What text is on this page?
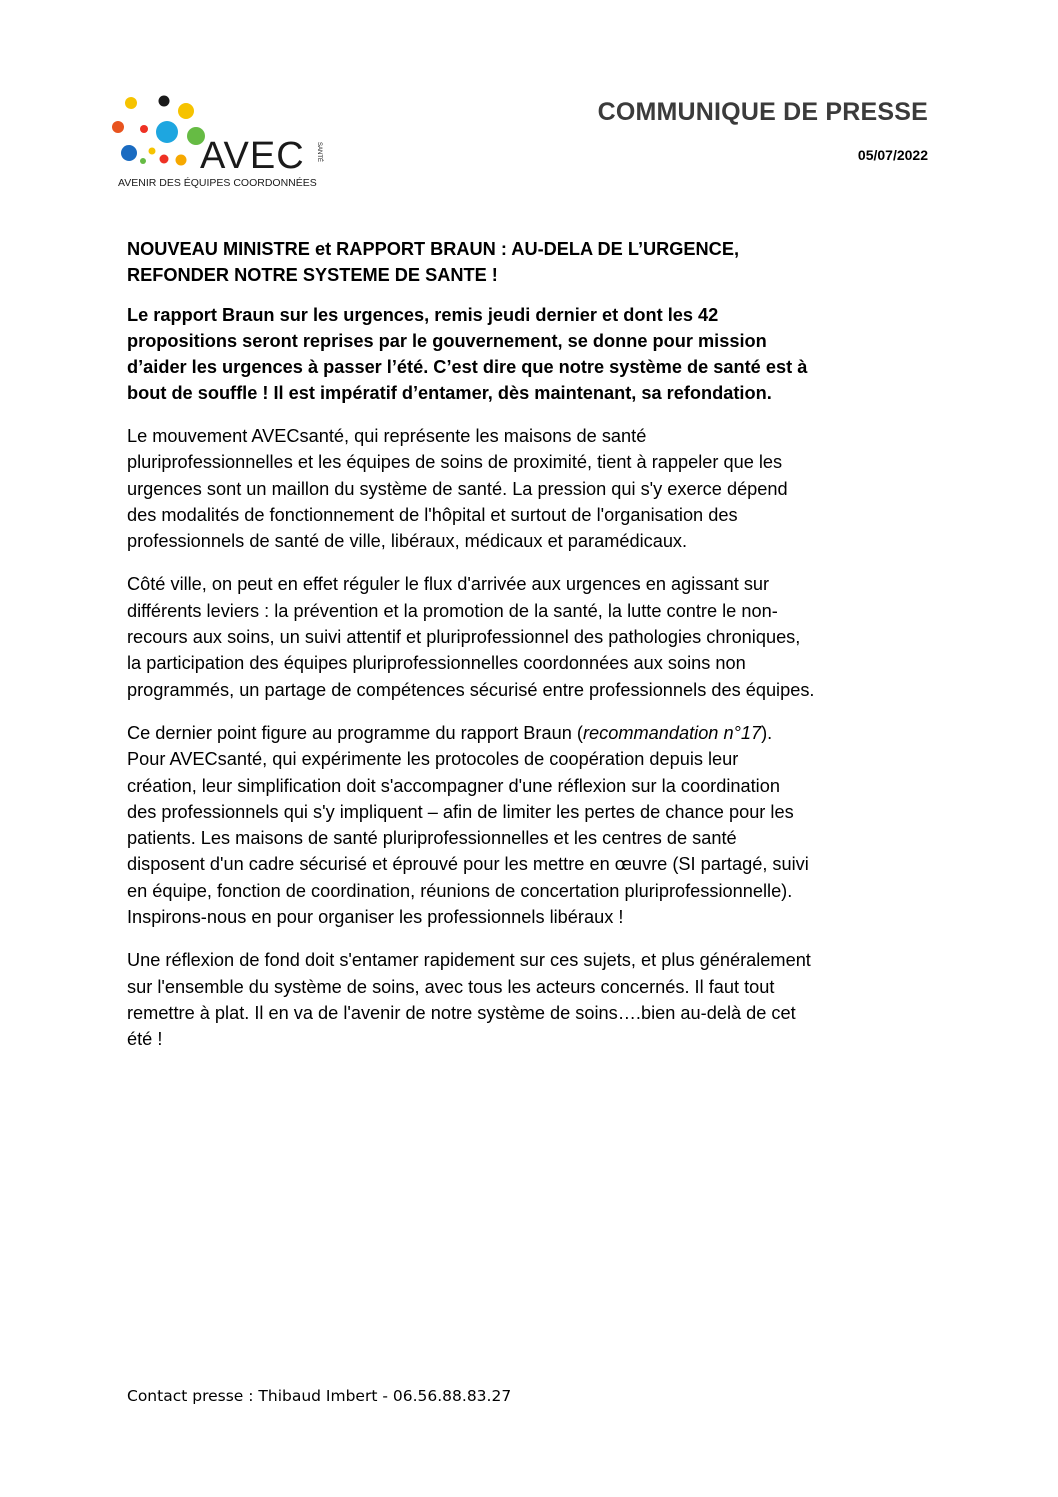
AVEC SANTÉ
AVENIR DES ÉQUIPES COORDONNÉES
COMMUNIQUE DE PRESSE
05/07/2022
NOUVEAU MINISTRE et RAPPORT BRAUN : AU-DELA DE L’URGENCE,
REFONDER NOTRE SYSTEME DE SANTE !
Le rapport Braun sur les urgences, remis jeudi dernier et dont les 42
propositions seront reprises par le gouvernement, se donne pour mission
d’aider les urgences à passer l’été. C’est dire que notre système de santé est à
bout de souffle ! Il est impératif d’entamer, dès maintenant, sa refondation.
Le mouvement AVECsanté, qui représente les maisons de santé
pluriprofessionnelles et les équipes de soins de proximité, tient à rappeler que les
urgences sont un maillon du système de santé. La pression qui s'y exerce dépend
des modalités de fonctionnement de l'hôpital et surtout de l'organisation des
professionnels de santé de ville, libéraux, médicaux et paramédicaux.
Côté ville, on peut en effet réguler le flux d'arrivée aux urgences en agissant sur
différents leviers : la prévention et la promotion de la santé, la lutte contre le non-
recours aux soins, un suivi attentif et pluriprofessionnel des pathologies chroniques,
la participation des équipes pluriprofessionnelles coordonnées aux soins non
programmés, un partage de compétences sécurisé entre professionnels des équipes.
Ce dernier point figure au programme du rapport Braun (recommandation n°17).
Pour AVECsanté, qui expérimente les protocoles de coopération depuis leur
création, leur simplification doit s'accompagner d'une réflexion sur la coordination
des professionnels qui s'y impliquent – afin de limiter les pertes de chance pour les
patients. Les maisons de santé pluriprofessionnelles et les centres de santé
disposent d'un cadre sécurisé et éprouvé pour les mettre en œuvre (SI partagé, suivi
en équipe, fonction de coordination, réunions de concertation pluriprofessionnelle).
Inspirons-nous en pour organiser les professionnels libéraux !
Une réflexion de fond doit s'entamer rapidement sur ces sujets, et plus généralement
sur l'ensemble du système de soins, avec tous les acteurs concernés. Il faut tout
remettre à plat. Il en va de l'avenir de notre système de soins….bien au-delà de cet
été !
Contact presse : Thibaud Imbert - 06.56.88.83.27
